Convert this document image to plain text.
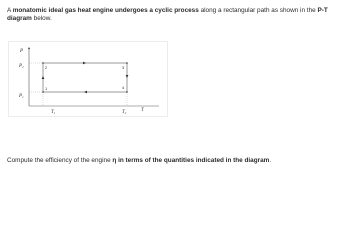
A monatomic ideal gas heat engine undergoes a cyclic process along a rectangular path as shown in the P-T diagram below.
P
T
$P_2$
$P_1$
$T_1$	$T_2$
1
2	3
4
Compute the efficiency of the engine η in terms of the quantities indicated in the diagram.
